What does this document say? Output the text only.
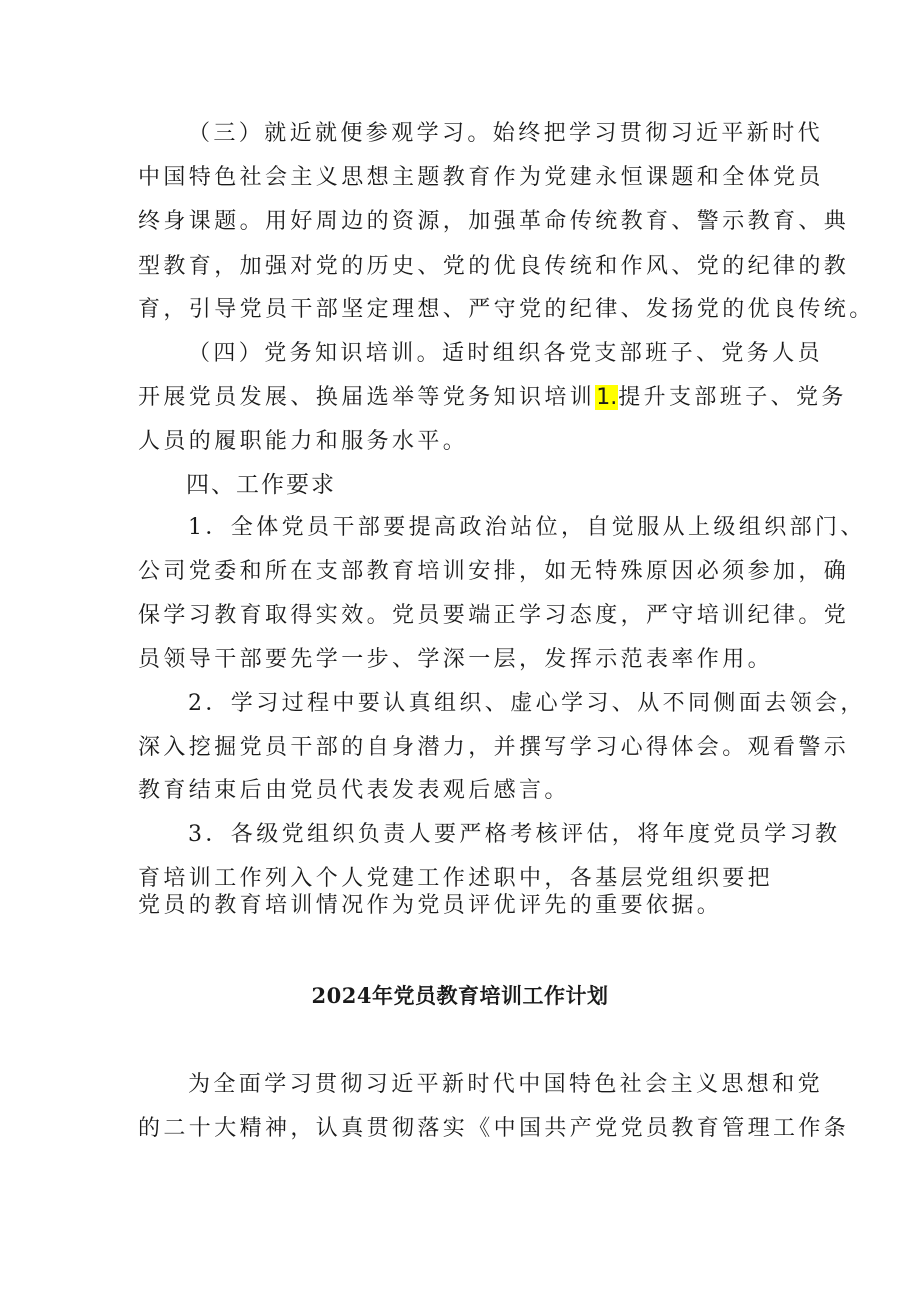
（三）就近就便参观学习。始终把学习贯彻习近平新时代
中国特色社会主义思想主题教育作为党建永恒课题和全体党员
终身课题。用好周边的资源，加强革命传统教育、警示教育、典
型教育，加强对党的历史、党的优良传统和作风、党的纪律的教
育，引导党员干部坚定理想、严守党的纪律、发扬党的优良传统。
（四）党务知识培训。适时组织各党支部班子、党务人员
开展党员发展、换届选举等党务知识培训1.提升支部班子、党务
人员的履职能力和服务水平。
四、工作要求
1．全体党员干部要提高政治站位，自觉服从上级组织部门、
公司党委和所在支部教育培训安排，如无特殊原因必须参加，确
保学习教育取得实效。党员要端正学习态度，严守培训纪律。党
员领导干部要先学一步、学深一层，发挥示范表率作用。
2．学习过程中要认真组织、虚心学习、从不同侧面去领会，
深入挖掘党员干部的自身潜力，并撰写学习心得体会。观看警示
教育结束后由党员代表发表观后感言。
3．各级党组织负责人要严格考核评估，将年度党员学习教
育培训工作列入个人党建工作述职中，各基层党组织要把
党员的教育培训情况作为党员评优评先的重要依据。
2024年党员教育培训工作计划
为全面学习贯彻习近平新时代中国特色社会主义思想和党
的二十大精神，认真贯彻落实《中国共产党党员教育管理工作条
